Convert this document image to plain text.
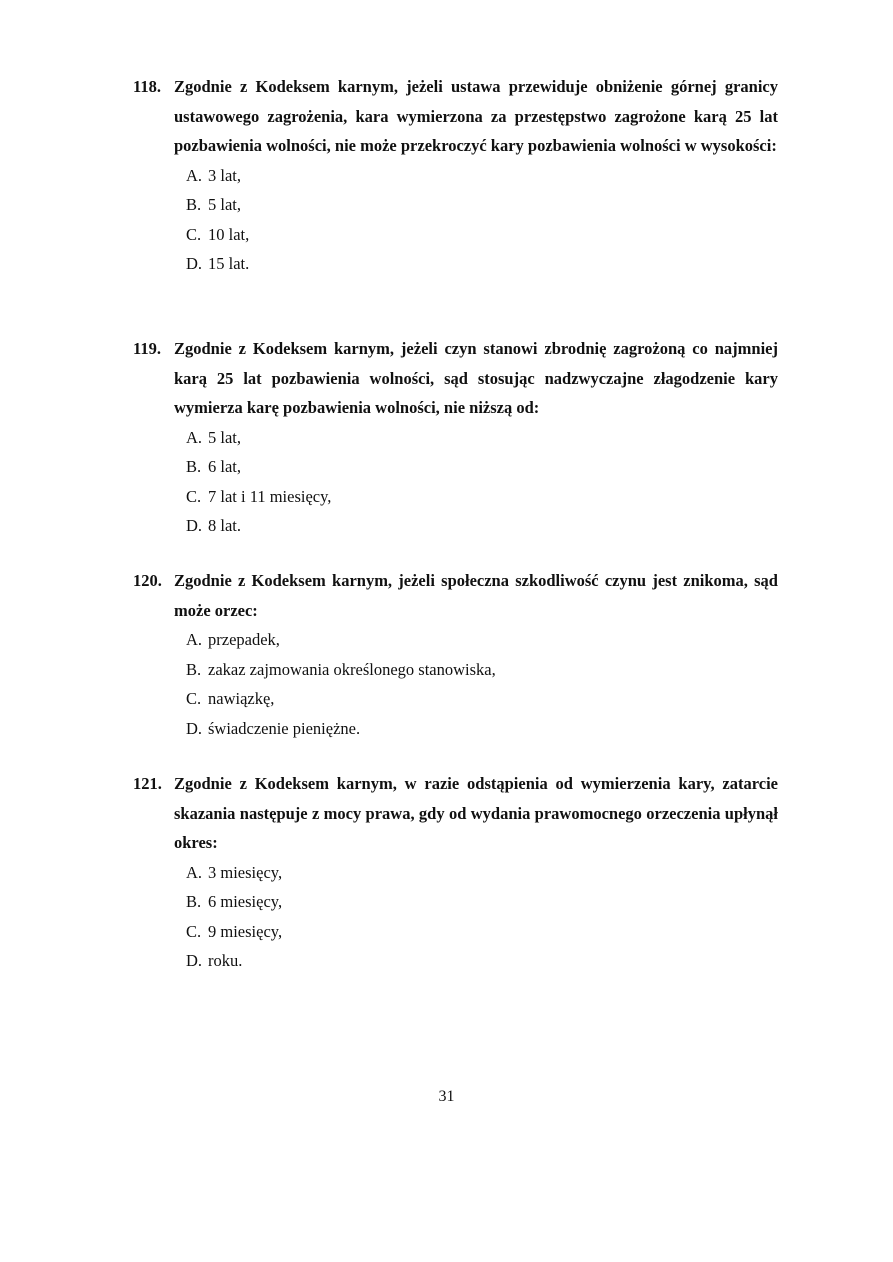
118. Zgodnie z Kodeksem karnym, jeżeli ustawa przewiduje obniżenie górnej granicy ustawowego zagrożenia, kara wymierzona za przestępstwo zagrożone karą 25 lat pozbawienia wolności, nie może przekroczyć kary pozbawienia wolności w wysokości:
A. 3 lat,
B. 5 lat,
C. 10 lat,
D. 15 lat.
119. Zgodnie z Kodeksem karnym, jeżeli czyn stanowi zbrodnię zagrożoną co najmniej karą 25 lat pozbawienia wolności, sąd stosując nadzwyczajne złagodzenie kary wymierza karę pozbawienia wolności, nie niższą od:
A. 5 lat,
B. 6 lat,
C. 7 lat i 11 miesięcy,
D. 8 lat.
120. Zgodnie z Kodeksem karnym, jeżeli społeczna szkodliwość czynu jest znikoma, sąd może orzec:
A. przepadek,
B. zakaz zajmowania określonego stanowiska,
C. nawiązkę,
D. świadczenie pieniężne.
121. Zgodnie z Kodeksem karnym, w razie odstąpienia od wymierzenia kary, zatarcie skazania następuje z mocy prawa, gdy od wydania prawomocnego orzeczenia upłynął okres:
A. 3 miesięcy,
B. 6 miesięcy,
C. 9 miesięcy,
D. roku.
31
